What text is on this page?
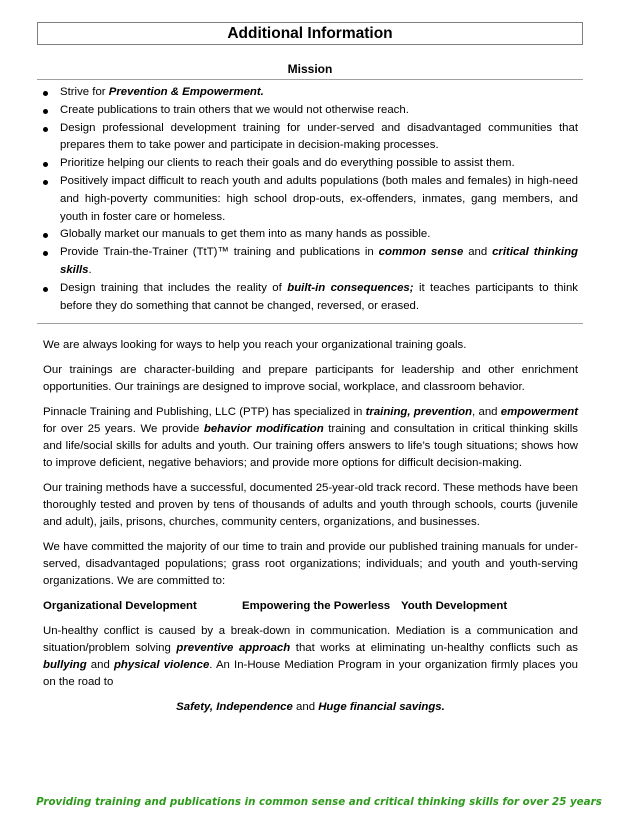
Additional Information
Mission
Strive for Prevention & Empowerment.
Create publications to train others that we would not otherwise reach.
Design professional development training for under-served and disadvantaged communities that prepares them to take power and participate in decision-making processes.
Prioritize helping our clients to reach their goals and do everything possible to assist them.
Positively impact difficult to reach youth and adults populations (both males and females) in high-need and high-poverty communities: high school drop-outs, ex-offenders, inmates, gang members, and youth in foster care or homeless.
Globally market our manuals to get them into as many hands as possible.
Provide Train-the-Trainer (TtT)™ training and publications in common sense and critical thinking skills.
Design training that includes the reality of built-in consequences; it teaches participants to think before they do something that cannot be changed, reversed, or erased.

We are always looking for ways to help you reach your organizational training goals.

Our trainings are character-building and prepare participants for leadership and other enrichment opportunities. Our trainings are designed to improve social, workplace, and classroom behavior.

Pinnacle Training and Publishing, LLC (PTP) has specialized in training, prevention, and empowerment for over 25 years. We provide behavior modification training and consultation in critical thinking skills and life/social skills for adults and youth. Our training offers answers to life’s tough situations; shows how to improve deficient, negative behaviors; and provide more options for difficult decision-making.

Our training methods have a successful, documented 25-year-old track record. These methods have been thoroughly tested and proven by tens of thousands of adults and youth through schools, courts (juvenile and adult), jails, prisons, churches, community centers, organizations, and businesses.

We have committed the majority of our time to train and provide our published training manuals for under-served, disadvantaged populations; grass root organizations; individuals; and youth and youth-serving organizations. We are committed to:

Organizational Development	Empowering the Powerless Youth Development

Un-healthy conflict is caused by a break-down in communication. Mediation is a communication and situation/problem solving preventive approach that works at eliminating un-healthy conflicts such as bullying and physical violence. An In-House Mediation Program in your organization firmly places you on the road to

Safety, Independence and Huge financial savings.

Providing training and publications in common sense and critical thinking skills for over 25 years
